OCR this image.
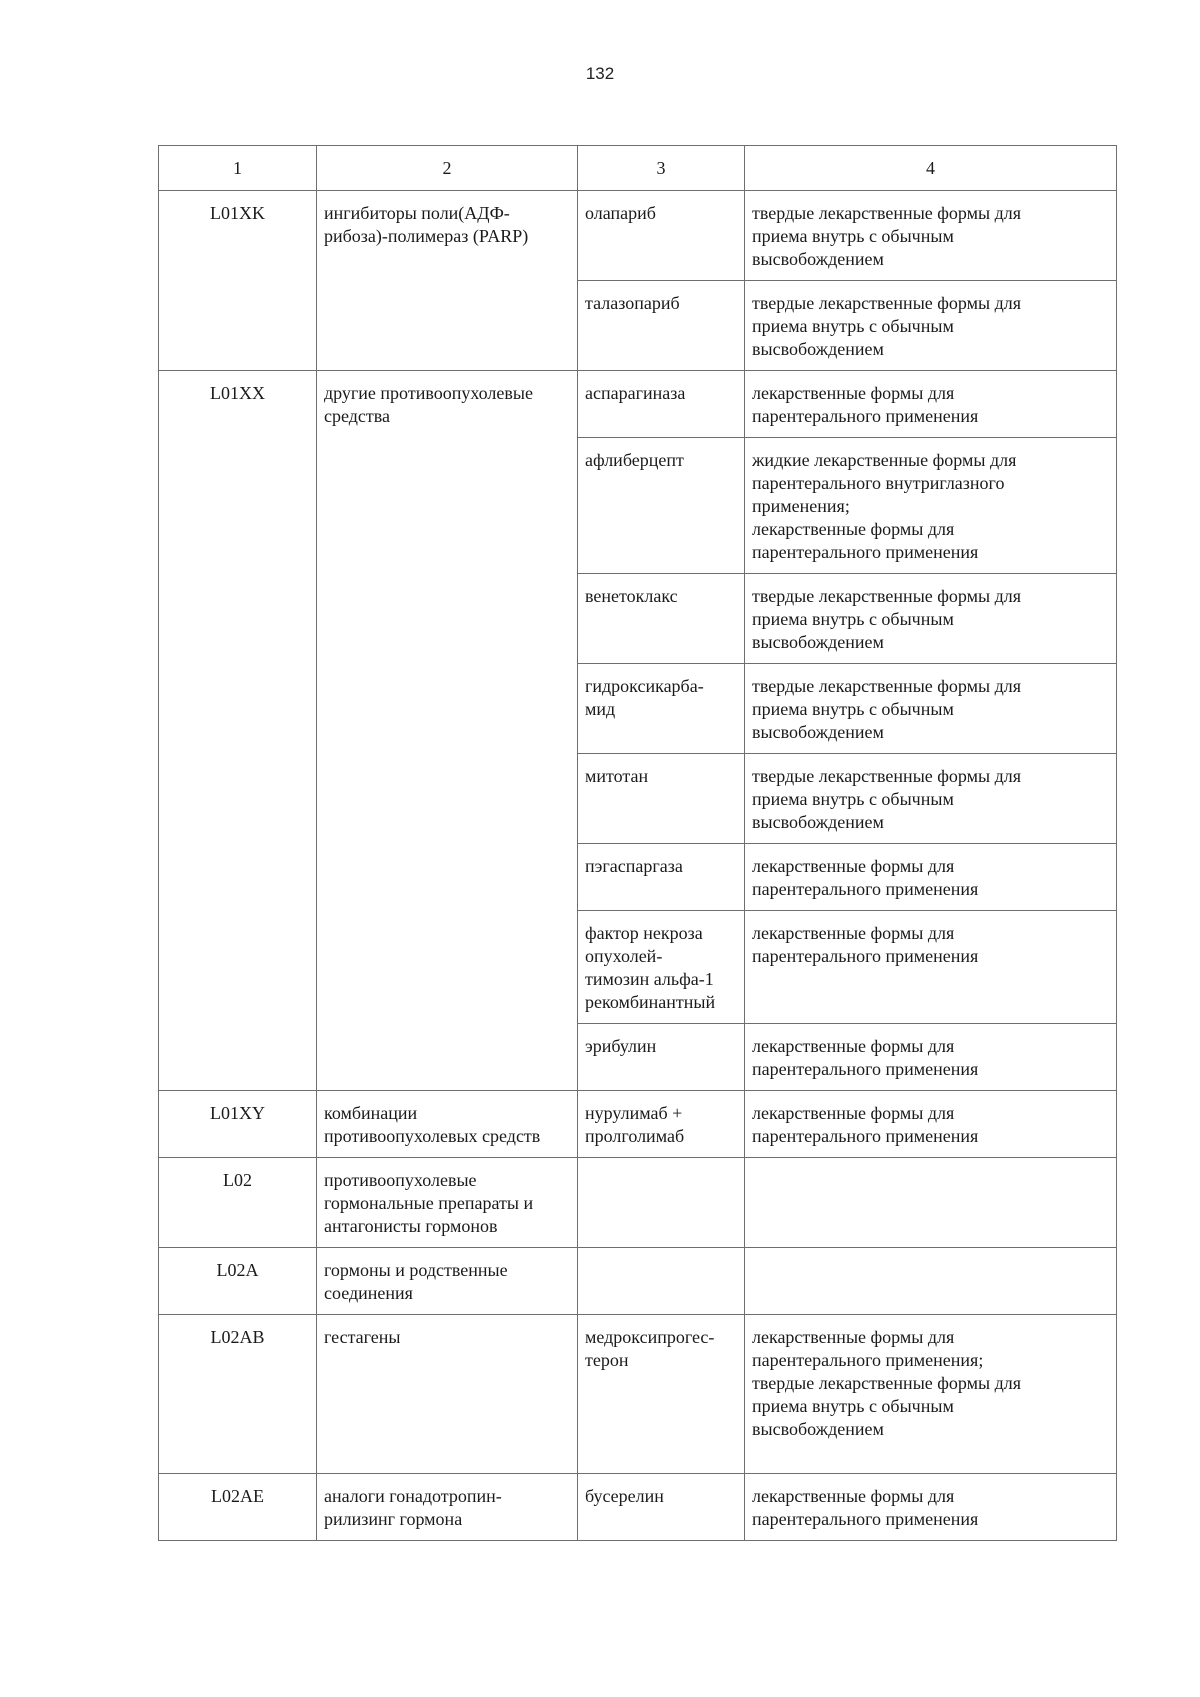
132
1	2	3	4
L01XK	ингибиторы поли(АДФ-
рибоза)-полимераз (PARP)	олапариб	твердые лекарственные формы для
приема внутрь с обычным
высвобождением

		талазопариб	твердые лекарственные формы для
приема внутрь с обычным
высвобождением

L01XX	другие противоопухолевые
средства	аспарагиназа	лекарственные формы для
парентерального применения

		афлиберцепт	жидкие лекарственные формы для
парентерального внутриглазного
применения;
лекарственные формы для
парентерального применения

		венетоклакс	твердые лекарственные формы для
приема внутрь с обычным
высвобождением

		гидроксикарба-
мид	твердые лекарственные формы для
приема внутрь с обычным
высвобождением

		митотан	твердые лекарственные формы для
приема внутрь с обычным
высвобождением

		пэгаспаргаза	лекарственные формы для
парентерального применения

		фактор некроза
опухолей-
тимозин альфа-1
рекомбинантный	лекарственные формы для
парентерального применения

		эрибулин	лекарственные формы для
парентерального применения

L01XY	комбинации
противоопухолевых средств	нурулимаб +
пролголимаб	лекарственные формы для
парентерального применения

L02	противоопухолевые
гормональные препараты и
антагонисты гормонов		

L02A	гормоны и родственные
соединения		

L02AB	гестагены	медроксипрогес-
терон	лекарственные формы для
парентерального применения;
твердые лекарственные формы для
приема внутрь с обычным
высвобождением

L02AE	аналоги гонадотропин-
рилизинг гормона	бусерелин	лекарственные формы для
парентерального применения
